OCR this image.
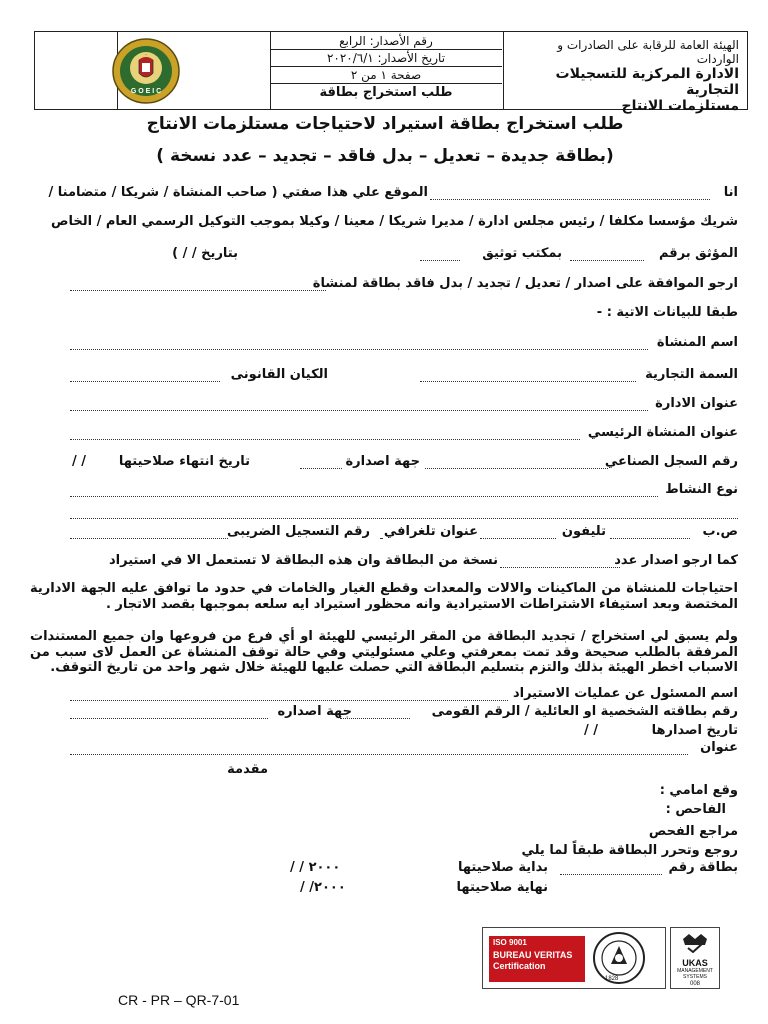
الهيئة العامة للرقابة على الصادرات و الواردات
الادارة المركزية للتسجيلات التجارية
مستلزمات الانتاج
رقم الأصدار: الرابع
تاريخ الأصدار: ٢٠٢٠/٦/١
صفحة ١ من ٢
طلب استخراج بطاقة
G O E I C
طلب استخراج بطاقة استيراد لاحتياجات مستلزمات الانتاج
(بطاقة جديدة – تعديل – بدل فاقد – تجديد – عدد نسخة )
انا
الموقع علي هذا صفتي ( صاحب المنشاة / شريكا / متضامنا /
شريك مؤسسا مكلفا / رئيس مجلس ادارة / مديرا شريكا / معينا / وكيلا بموجب التوكيل الرسمي العام / الخاص
المؤثق برقم
بمكتب توثيق
بتاريخ / / )
ارجو الموافقة على اصدار / تعديل / تجديد / بدل فاقد بطاقة لمنشاة
طبقا للبيانات الاتية : -
اسم المنشاة
السمة التجارية
الكيان القانونى
عنوان الادارة
عنوان المنشاة الرئيسي
رقم السجل الصناعي
جهة اصدارة
تاريخ انتهاء صلاحيتها
/ /
نوع النشاط
ص.ب
تليفون
عنوان تلغرافي
رقم التسجيل الضريبى
كما ارجو اصدار عدد
نسخة من البطاقة وان هذه البطاقة لا تستعمل الا في استيراد
احتياجات للمنشاة من الماكينات والالات والمعدات وقطع الغيار والخامات في حدود ما توافق عليه الجهة الادارية المختصة وبعد استيفاء الاشتراطات الاستيرادية وانه محظور استيراد ايه سلعه بموجبها بقصد الاتجار .
ولم يسبق لي استخراج / تجديد البطاقة من المقر الرئيسي للهيئة او أي فرع من فروعها وان جميع المستندات المرفقة بالطلب صحيحة وقد تمت بمعرفتي وعلي مسئوليتي وفي حالة توقف المنشاة عن العمل لاى سبب من الاسباب اخطر الهيئة بذلك والتزم بتسليم البطاقة التي حصلت عليها للهيئة خلال شهر واحد من تاريخ التوقف.
اسم المسئول عن عمليات الاستيراد
رقم بطاقته الشخصية او العائلية / الرقم القومى
جهة اصداره
تاريخ اصدارها
/ /
عنوان
مقدمة
وقع امامي :
الفاحص :
مراجع الفحص
روجع وتحرر البطاقة طبقاً لما يلي
بطاقة رقم
بداية صلاحيتها
٢٠٠٠ / /
نهاية صلاحيتها
٢٠٠٠/ /
CR - PR – QR-7-01
ISO 9001
BUREAU VERITAS
Certification
1828
UKAS
MANAGEMENT SYSTEMS
008
